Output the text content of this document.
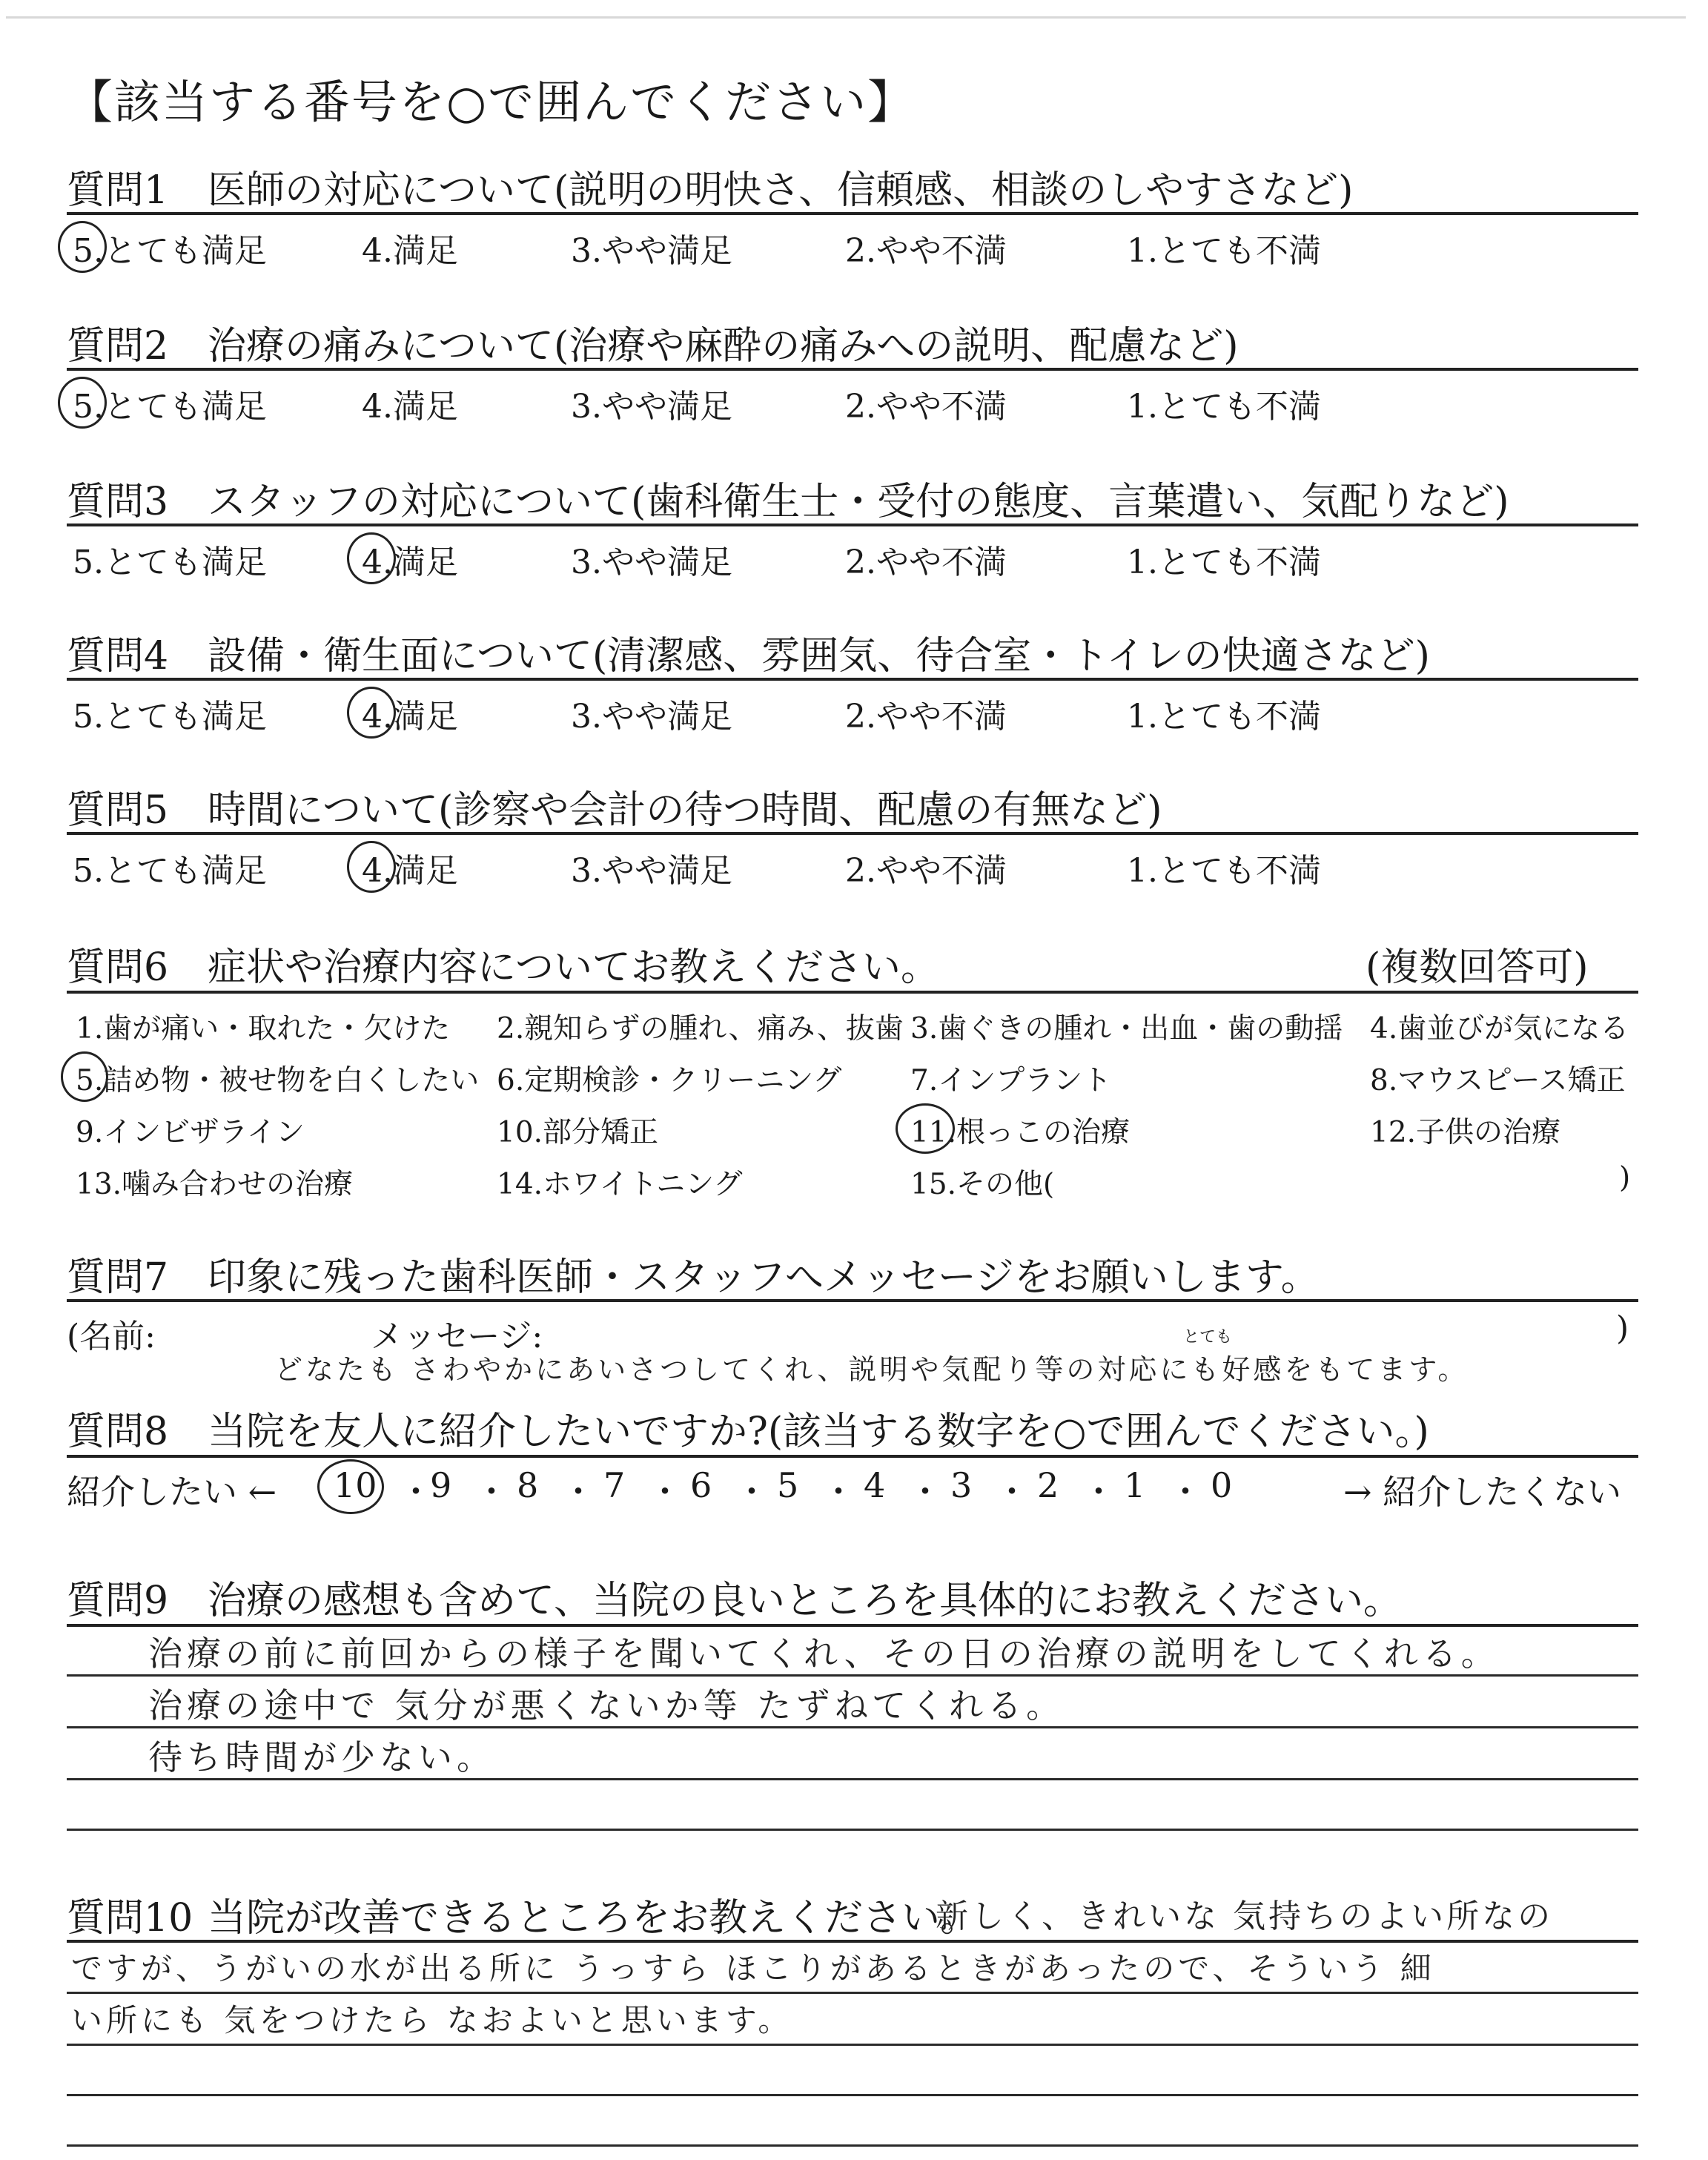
【該当する番号を○で囲んでください】
質問1 医師の対応について(説明の明快さ、信頼感、相談のしやすさなど)
5.とても満足	4.満足	3.やや満足	2.やや不満	1.とても不満
質問2 治療の痛みについて(治療や麻酔の痛みへの説明、配慮など)
5.とても満足	4.満足	3.やや満足	2.やや不満	1.とても不満
質問3 スタッフの対応について(歯科衛生士・受付の態度、言葉遣い、気配りなど)
5.とても満足	4.満足	3.やや満足	2.やや不満	1.とても不満
質問4 設備・衛生面について(清潔感、雰囲気、待合室・トイレの快適さなど)
5.とても満足	4.満足	3.やや満足	2.やや不満	1.とても不満
質問5 時間について(診察や会計の待つ時間、配慮の有無など)
5.とても満足	4.満足	3.やや満足	2.やや不満	1.とても不満
質問6 症状や治療内容についてお教えください。	(複数回答可)
1.歯が痛い・取れた・欠けた 2.親知らずの腫れ、痛み、抜歯 3.歯ぐきの腫れ・出血・歯の動揺 4.歯並びが気になる
5.詰め物・被せ物を白くしたい 6.定期検診・クリーニング 7.インプラント	8.マウスピース矯正
9.インビザライン	10.部分矯正	11.根っこの治療	12.子供の治療
13.噛み合わせの治療	14.ホワイトニング	15.その他(	)
質問7 印象に残った歯科医師・スタッフへメッセージをお願いします。
(名前:	メッセージ:	)
とても
どなたも さわやかにあいさつしてくれ、説明や気配り等の対応にも好感をもてます。
質問8 当院を友人に紹介したいですか?(該当する数字を○で囲んでください。)
紹介したい ← 10 ・
9 ・ 8 ・ 7 ・ 6 ・ 5 ・ 4 ・ 3 ・ 2 ・ 1 ・ 0	→ 紹介したくない
質問9 治療の感想も含めて、当院の良いところを具体的にお教えください。
治療の前に前回からの様子を聞いてくれ、その日の治療の説明をしてくれる。
治療の途中で 気分が悪くないか等 たずねてくれる。
待ち時間が少ない。
質問10 当院が改善できるところをお教えください。
新しく、きれいな 気持ちのよい所なの
ですが、うがいの水が出る所に うっすら ほこりがあるときがあったので、そういう 細
い所にも 気をつけたら なおよいと思います。
